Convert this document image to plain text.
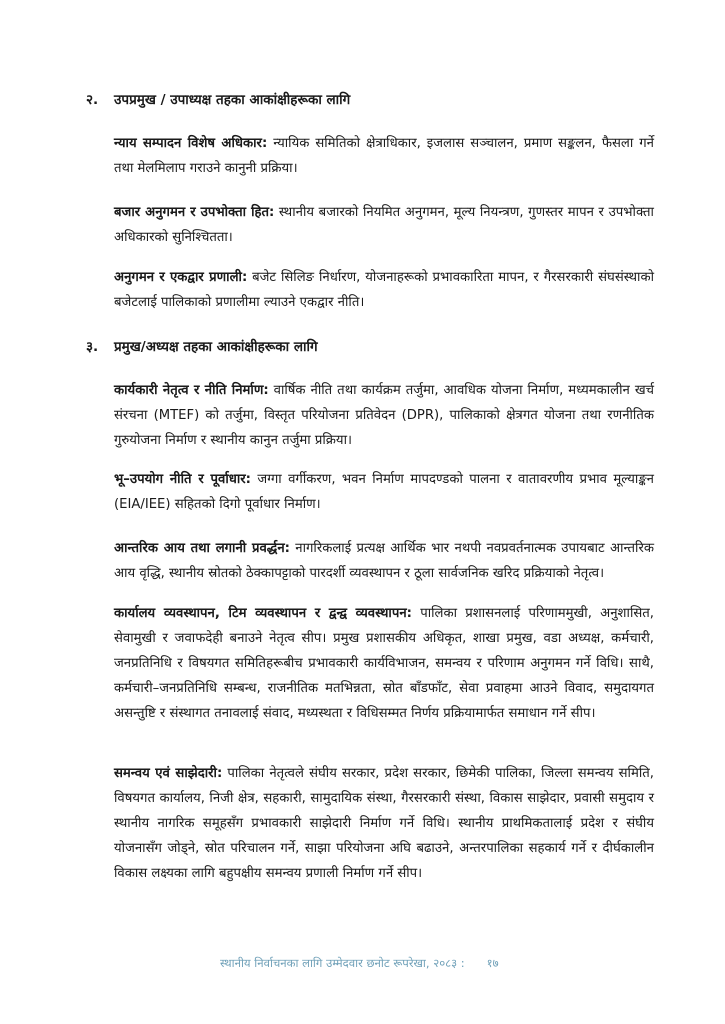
२. उपप्रमुख / उपाध्यक्ष तहका आकांक्षीहरूका लागि
न्याय सम्पादन विशेष अधिकार: न्यायिक समितिको क्षेत्राधिकार, इजलास सञ्चालन, प्रमाण सङ्कलन, फैसला गर्ने तथा मेलमिलाप गराउने कानुनी प्रक्रिया।
बजार अनुगमन र उपभोक्ता हित: स्थानीय बजारको नियमित अनुगमन, मूल्य नियन्त्रण, गुणस्तर मापन र उपभोक्ता अधिकारको सुनिश्चितता।
अनुगमन र एकद्वार प्रणाली: बजेट सिलिङ निर्धारण, योजनाहरूको प्रभावकारिता मापन, र गैरसरकारी संघसंस्थाको बजेटलाई पालिकाको प्रणालीमा ल्याउने एकद्वार नीति।
३. प्रमुख/अध्यक्ष तहका आकांक्षीहरूका लागि
कार्यकारी नेतृत्व र नीति निर्माण: वार्षिक नीति तथा कार्यक्रम तर्जुमा, आवधिक योजना निर्माण, मध्यमकालीन खर्च संरचना (MTEF) को तर्जुमा, विस्तृत परियोजना प्रतिवेदन (DPR), पालिकाको क्षेत्रगत योजना तथा रणनीतिक गुरुयोजना निर्माण र स्थानीय कानुन तर्जुमा प्रक्रिया।
भू–उपयोग नीति र पूर्वाधार: जग्गा वर्गीकरण, भवन निर्माण मापदण्डको पालना र वातावरणीय प्रभाव मूल्याङ्कन (EIA/IEE) सहितको दिगो पूर्वाधार निर्माण।
आन्तरिक आय तथा लगानी प्रवर्द्धन: नागरिकलाई प्रत्यक्ष आर्थिक भार नथपी नवप्रवर्तनात्मक उपायबाट आन्तरिक आय वृद्धि, स्थानीय स्रोतको ठेक्कापट्टाको पारदर्शी व्यवस्थापन र ठूला सार्वजनिक खरिद प्रक्रियाको नेतृत्व।
कार्यालय व्यवस्थापन, टिम व्यवस्थापन र द्वन्द्व व्यवस्थापन: पालिका प्रशासनलाई परिणाममुखी, अनुशासित, सेवामुखी र जवाफदेही बनाउने नेतृत्व सीप। प्रमुख प्रशासकीय अधिकृत, शाखा प्रमुख, वडा अध्यक्ष, कर्मचारी, जनप्रतिनिधि र विषयगत समितिहरूबीच प्रभावकारी कार्यविभाजन, समन्वय र परिणाम अनुगमन गर्ने विधि। साथै, कर्मचारी–जनप्रतिनिधि सम्बन्ध, राजनीतिक मतभिन्नता, स्रोत बाँडफाँट, सेवा प्रवाहमा आउने विवाद, समुदायगत असन्तुष्टि र संस्थागत तनावलाई संवाद, मध्यस्थता र विधिसम्मत निर्णय प्रक्रियामार्फत समाधान गर्ने सीप।
समन्वय एवं साझेदारी: पालिका नेतृत्वले संघीय सरकार, प्रदेश सरकार, छिमेकी पालिका, जिल्ला समन्वय समिति, विषयगत कार्यालय, निजी क्षेत्र, सहकारी, सामुदायिक संस्था, गैरसरकारी संस्था, विकास साझेदार, प्रवासी समुदाय र स्थानीय नागरिक समूहसँग प्रभावकारी साझेदारी निर्माण गर्ने विधि। स्थानीय प्राथमिकतालाई प्रदेश र संघीय योजनासँग जोड्ने, स्रोत परिचालन गर्ने, साझा परियोजना अघि बढाउने, अन्तरपालिका सहकार्य गर्ने र दीर्घकालीन विकास लक्ष्यका लागि बहुपक्षीय समन्वय प्रणाली निर्माण गर्ने सीप।
स्थानीय निर्वाचनका लागि उम्मेदवार छनोट रूपरेखा, २०८३ : १७
